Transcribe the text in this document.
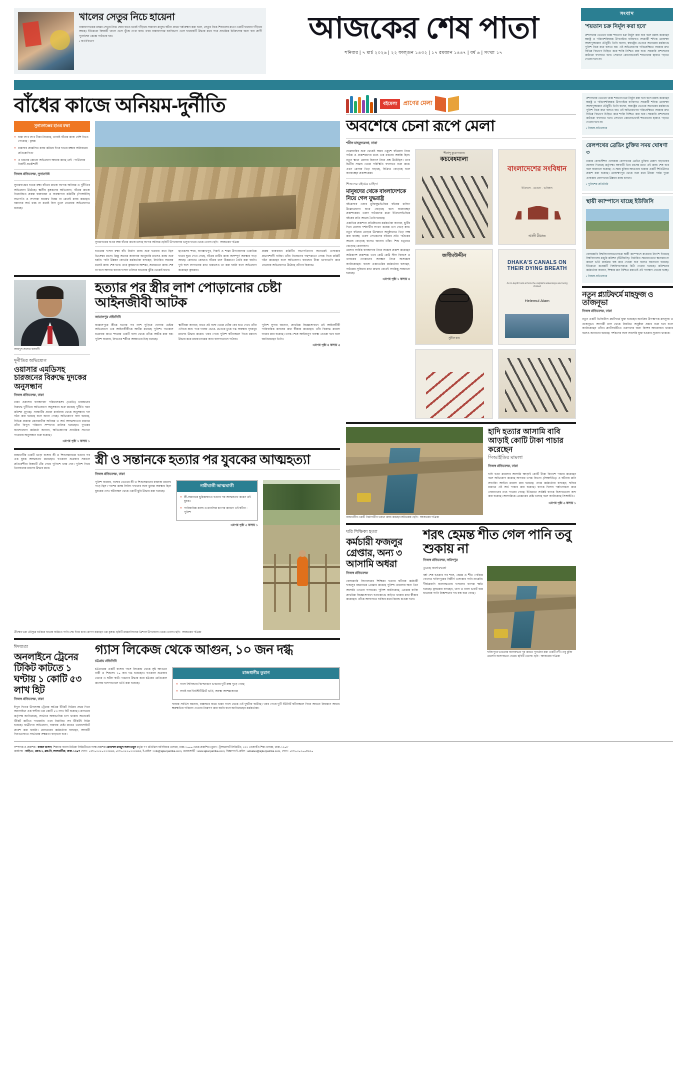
খালের সেতুর নিচে হায়েনা
নারায়ণগঞ্জের মহল্লা সেতুর নিচে ঘেরা হাতে ধরেই দাঁড়িয়ে সাধারণ মানুষ। ঘটনা প্রথম পর্যবেক্ষণ করা হলে, সেতুর নিচে শিয়ালের মতো একটি হায়েনা দাঁড়িয়ে আছে। ইতিমধ্যে বিষয়টি খালে এসে খুঁজে দেখা যায়। খবর নারায়ণগঞ্জ বনবিভাগ এসে হায়েনাটি উদ্ধার করে পরে প্রাথমিক চিকিৎসার জন্য বন্য প্রাণী পুনর্বাসন কেন্দ্রে পাঠানো হয়।
• বার্তাবিভাগ	আজকের শেষ পাতা
শনিবার | ৭ মার্চ ২০২৬ | ২২ ফাল্গুন ১৪৩২ | ১৭ রমজান ১৪৪৭ | বর্ষ ৬ | সংখ্যা ১৭
সংবাদ
'শয়তান চক্র নির্মূল করা হবে'
প্রশাসনের ভেতরে থাকা শয়তান চক্র নির্মূল করা হবে বলে মন্তব্য করেছেন স্বরাষ্ট্র ও পরিবেশবিষয়ক উপদেষ্টার ব্যক্তিগত সহকারী শফিক মোহাম্মদ আসাদুজ্জামান চৌধুরী। তিনি বলেন, স্বরাষ্ট্রের ভেতরে অনেকের কর্মকাণ্ডে পুলিশ নিয়ে কথা বলতে হয়। এই অভিযোগের পরিপ্রেক্ষিতে সরকার দ্রুত বিভিন্ন বিভাগে চিহ্নিত করে শাস্তি নিশ্চিত করা হবে। সরকারি প্রশাসনের কাঠামো বদলাতে হবে। সেখানে কোনোভাবেই শয়তানের ছায়াও পড়তে দেওয়া হবে না।
বাঁধের কাজে অনিয়ম-দুর্নীতি
সুনামগঞ্জের হাওর রক্ষা
» যারা লাখ লাখ টাকা নিয়েছে, তারাই বাঁধের কাজ বেশি নিতে পেরেছে : কৃষক
» মামলার প্রাক্কলিত কাজ কমিয়ে দিয়ে হাওর রক্ষায় অনিয়মের প্রতিযোগিতা
» এ ধরনের কোনো অভিযোগ আমার কাছে নেই : পাউবোর নির্বাহী প্রকৌশলী
নিজস্ব প্রতিবেদক, সুনামগঞ্জ
সুনামগঞ্জের হাওর রক্ষা বাঁধের কাজে ব্যাপক অনিয়ম ও দুর্নীতির অভিযোগ উঠেছে। স্থানীয় কৃষকদের অভিযোগ, বাঁধের কাজে নিয়োজিত প্রকল্প বাস্তবায়ন ও ব্যবস্থাপনা কমিটির (পিআইসি) সভাপতি ও সদস্যরা যথাযথ নিয়ম না মেনেই কাজ করছেন। বরাদ্দের অর্থ খরচ না করেই বিল তুলে নেওয়ার অভিযোগও রয়েছে।
সুনামগঞ্জের হাওর রক্ষা বাঁধের কাজে চলছে ব্যাপক অনিয়ম। ছবিটি উপজেলার ডলুরা হাওর থেকে তোলা। ছবি : আজকের পত্রিকা
হাওরের ফসল রক্ষা বাঁধ নির্মাণ কাজ শুরু হওয়ার কথা ছিল ডিসেম্বর মাসে। কিন্তু অনেক জায়গায় জানুয়ারি মাসেও কাজ শুরু হয়নি। পানি উন্নয়ন বোর্ডের কর্মকর্তারা বলছেন, নির্ধারিত সময়ের মধ্যেই কাজ শেষ হবে। তবে কৃষকদের আশঙ্কা, সময়মতো কাজ শেষ না হলে আগাম বন্যায় ফসল তলিয়ে যাওয়ার ঝুঁকি থেকেই যাবে।
ছাতকসহ শহর, জগন্নাথপুর, দিরাই ও শাল্লা উপজেলার একাধিক হাওর ঘুরে দেখা গেছে, বাঁধের মাটির কাজ অসম্পূর্ণ অবস্থায় পড়ে আছে। কোথাও কোথাও বাঁধের ঢাল ঠিকমতো তৈরি করা হয়নি। দুর্বা ঘাস লাগানোর কথা থাকলেও তা করা হয়নি বলে অভিযোগ করেছেন কৃষকরা।
প্রকল্প বাস্তবায়ন কমিটির সভাপতিদের অনেকেই এলাকার প্রভাবশালী ব্যক্তি। তাঁরা নিজেদের পছন্দমতো লোক দিয়ে কমিটি গঠন করেছেন বলে অভিযোগ। বরাদ্দের টাকা ভাগাভাগি করে নেওয়ার অভিযোগও উঠেছে তাঁদের বিরুদ্ধে।
আবদুস সালাম বাঙ্গালী
দুর্নীতির অভিযোগ
ওয়াসার এমডিসহ চারজনের বিরুদ্ধে দুদকের অনুসন্ধান
নিজস্ব প্রতিবেদক, ঢাকা
ঢাকা ওয়াসার ব্যবস্থাপনা পরিচালকসহ (এমডি) চারজনের বিরুদ্ধে দুর্নীতির অভিযোগে অনুসন্ধান শুরু করেছে দুর্নীতি দমন কমিশন (দুদক)। সংস্থাটির প্রধান কার্যালয় থেকে অনুসন্ধান দল গঠন করা হয়েছে বলে জানা গেছে। অভিযোগে বলা হয়েছে, বিভিন্ন প্রকল্পে কেনাকাটায় অনিয়ম ও অর্থ আত্মসাতের মাধ্যমে তাঁরা বিপুল পরিমাণ সম্পদের মালিক হয়েছেন। দুদকের জনসংযোগ কর্মকর্তা জানান, অভিযোগের প্রাথমিক সত্যতা পাওয়ায় অনুসন্ধান শুরু হয়েছে।
এরপর পৃষ্ঠা ২ কলাম ১
হত্যার পর স্ত্রীর লাশ পোড়ানোর চেষ্টা আইনজীবী আটক
জামালপুর প্রতিনিধি
জামালপুরে স্ত্রীকে হত্যার পর লাশ পুড়িয়ে ফেলার চেষ্টার অভিযোগে এক আইনজীবীকে আটক করেছে পুলিশ। গতকাল শুক্রবার রাতে শহরের একটি বাসা থেকে তাঁকে আটক করা হয়। পুলিশ জানায়, নিহতের শরীরে আঘাতের চিহ্ন রয়েছে।
স্থানীয়রা জানান, রাতে ওই বাসা থেকে ধোঁয়া বের হতে দেখে তাঁরা এগিয়ে যান। পরে দরজা ভেঙে ভেতরে ঢুকে দগ্ধ অবস্থায় গৃহবধূর মরদেহ উদ্ধার করেন। খবর পেয়ে পুলিশ ঘটনাস্থলে গিয়ে মরদেহ উদ্ধার করে ময়নাতদন্তের জন্য হাসপাতালে পাঠায়।
পুলিশ সুপার জানান, প্রাথমিক জিজ্ঞাসাবাদে ওই আইনজীবী পারিবারিক কলহের কথা স্বীকার করেছেন। তাঁর বিরুদ্ধে মামলা দায়ের করা হয়েছে। তদন্ত শেষে আইনানুগ ব্যবস্থা নেওয়া হবে বলে জানিয়েছেন তিনি।
এরপর পৃষ্ঠা ৪ কলাম ৩
রাজধানীর একটি ভাড়া বাসায় স্ত্রী ও শিশুসন্তানকে হত্যার পর এক যুবক আত্মহত্যা করেছেন। গতকাল শুক্রবার সকালে প্রতিবেশীরা বিষয়টি টের পেয়ে পুলিশে খবর দেন। পুলিশ গিয়ে তিনজনের মরদেহ উদ্ধার করে।
স্ত্রী ও সন্তানকে হত্যার পর যুবকের আত্মহত্যা
নিজস্ব প্রতিবেদক, ঢাকা
পুলিশ জানায়, বাসার ভেতরে স্ত্রী ও শিশুসন্তানের রক্তাক্ত মরদেহ পড়ে ছিল। পাশের কক্ষে সিলিং ফ্যানের সঙ্গে ঝুলন্ত অবস্থায় ছিল যুবকের দেহ। ঘটনাস্থল থেকে একটি ছুরি উদ্ধার করা হয়েছে।
নারীঘাতী আত্মঘাতী
» স্ত্রী-সন্তানকে ছুরিকাঘাতে হত্যার পর আত্মহত্যা করেন ওই যুবক।
» পারিবারিক কলহ ও মানসিক চাপের কারণে এই ঘটনা : পুলিশ
এরপর পৃষ্ঠা ৫ কলাম ১
গ্রীষ্মের ভরা মৌসুমে শুকিয়ে যাওয়া জমিতে পানি সেচ দিয়ে চারা রোপণ করছেন এক কৃষক। ছবিটি ময়মনসিংহের ত্রিশাল উপজেলা থেকে তোলা। ছবি : আজকের পত্রিকা
ঈদযাত্রা
অনলাইনে ট্রেনের টিকিট কাটতে ১ ঘণ্টায় ১ কোটি ৫৩ লাখ হিট
নিজস্ব প্রতিবেদক, ঢাকা
ঈদুল ফিতর উপলক্ষে ট্রেনের অগ্রিম টিকিট বিক্রির প্রথম দিনে অনলাইনে এক ঘণ্টায় এক কোটি ৫৩ লাখ হিট হয়েছে। রেলওয়ে কর্তৃপক্ষ জানিয়েছে, সার্ভারে অস্বাভাবিক চাপ থাকায় অনেকেই টিকিট কাটতে পারেননি। তবে নির্ধারিত সব টিকিটই বিক্রি হয়েছে। যাত্রীদের অভিযোগ, বারবার চেষ্টা করেও ওয়েবসাইটে প্রবেশ করা যায়নি। রেলওয়ের কর্মকর্তারা বলছেন, আগামী দিনগুলোতে সার্ভারের সক্ষমতা বাড়ানো হবে।
গ্যাস লিকেজ থেকে আগুন, ১০ জন দগ্ধ
চট্টগ্রাম প্রতিনিধি
চট্টগ্রামের একটি বাসায় গ্যাস লিকেজ থেকে সৃষ্ট আগুনে নারী ও শিশুসহ ১০ জন দগ্ধ হয়েছেন। গতকাল শুক্রবার ভোরে এ ঘটনা ঘটে। দগ্ধদের উদ্ধার করে চট্টগ্রাম মেডিকেল কলেজ হাসপাতালে ভর্তি করা হয়েছে।
রাজধানীর তুরাগ
» গ্যাস সিলিন্ডার বিস্ফোরণে ভবনের দুটি কক্ষ পুড়ে গেছে
» সবাই বার্ন ইনস্টিটিউটে ভর্তি, অবস্থা আশঙ্কাজনক
ফায়ার সার্ভিস জানায়, রান্নাঘরে জমে থাকা গ্যাস থেকে এই দুর্ঘটনা ঘটেছে। খবর পেয়ে দুটি ইউনিট ঘটনাস্থলে গিয়ে আগুন নিয়ন্ত্রণে আনে। ক্ষয়ক্ষতির পরিমাণ এখনো নিরূপণ করা হয়নি বলে জানিয়েছেন কর্মকর্তারা।
বইমেলা	প্রাণের মেলা
অবশেষে চেনা রূপে মেলা
শরীফ মাহমুদরেজা, ঢাকা
ফেব্রুয়ারির শুরু থেকেই অমর একুশে বইমেলা নিয়ে পাঠক ও প্রকাশকদের মধ্যে এক ধরনের অস্বস্তি ছিল। নতুন স্থানে মেলার বিন্যাস নিয়ে প্রশ্ন উঠেছিল। তবে দ্বিতীয় সপ্তাহ থেকে পরিস্থিতি বদলাতে শুরু করে। এখন মেলায় ভিড় বাড়ছে, বিক্রিও বেড়েছে বলে জানাচ্ছেন প্রকাশকেরা।
শিশুদের বইয়ের চাহিদা
মানুষদের থেকে বাংলাদেশকে নিয়ে গেল যুদ্ধরাষ্ট্র
বইমেলায় এবার মুক্তিযুদ্ধভিত্তিক বইয়ের চাহিদা উল্লেখযোগ্য হারে বেড়েছে বলে জানাচ্ছেন প্রকাশকেরা। তরুণ পাঠকদের মধ্যে ইতিহাসভিত্তিক বইয়ের প্রতি আগ্রহ তৈরি হয়েছে।
একাধিক প্রকাশনা প্রতিষ্ঠানের কর্মকর্তারা জানান, ছুটির দিনে মেলায় দর্শনার্থীর সংখ্যা কয়েক গুণ বেড়ে যায়। নতুন বইয়ের মোড়ক উন্মোচন অনুষ্ঠানেও ভিড় লক্ষ করা যাচ্ছে। তরুণ লেখকদের বইয়ের প্রতি পাঠকের আগ্রহ বেড়েছে বলেও জানান তাঁরা। শিশু চত্বরেও বেড়েছে কোলাহল।
মেলার সার্বিক ব্যবস্থাপনা নিয়ে সন্তোষ প্রকাশ করেছেন অধিকাংশ প্রকাশক। তবে কেউ কেউ স্টল বিন্যাস ও খাবারের দোকানের অবস্থান নিয়ে অসন্তোষ জানিয়েছেন। বাংলা একাডেমির কর্মকর্তারা বলছেন, পাঠকের সুবিধার কথা মাথায় রেখেই সবকিছু সাজানো হয়েছে।
এরপর পৃষ্ঠা ২ কলাম ৪
কচবেধমালা
শীর্ষেন্দু মুখোপাধ্যায়
জসীমউদ্দীন
সুনীল রায়
বাংলাদেশের সংবিধান
ইতিহাস · চেতনা · ভবিষ্যৎ
আলী রীয়াজ
DHAKA'S CANALS ON THEIR DYING BREATH
An in-depth look at how the capital's waterways are being choked
Helemul Alam
রাজধানীর একটি নির্মাণাধীন ভবনে কাজ করছেন শ্রমিকেরা। ছবি : আজকের পত্রিকা
হাদি হত্যার আসামি বাবি আড়াই কোটি টাকা পাচার করেছেন
সিআইডির মামলা
নিজস্ব প্রতিবেদক, ঢাকা
হাদি হত্যা মামলার আসামি আড়াই কোটি টাকা বিদেশে পাচার করেছেন বলে অভিযোগ করেছে অপরাধ তদন্ত বিভাগ (সিআইডি)। এ ঘটনায় মানি লন্ডারিং আইনে মামলা করা হয়েছে। তদন্ত কর্মকর্তারা বলছেন, হুন্ডির মাধ্যমে এই অর্থ পাচার করা হয়েছে। ব্যাংক হিসাব পর্যালোচনা করে লেনদেনের তথ্য পাওয়া গেছে। ইতিমধ্যে সংশ্লিষ্ট ব্যাংক হিসাবগুলো জব্দ করা হয়েছে। আসামিকে গ্রেপ্তারের চেষ্টা চলছে বলে জানিয়েছে সিআইডি।
এরপর পৃষ্ঠা ৩ কলাম ১
ঘরি শিক্ষিকা হত্যা
কর্মচারী ফজলুর গ্রেপ্তার, অন্য ৩ আসামি অধরা
নিজস্ব প্রতিবেদক
বেসরকারি বিদ্যালয়ের শিক্ষিকা হত্যার ঘটনায় কর্মচারী ফজলুর রহমানকে গ্রেপ্তার করেছে পুলিশ। মামলার অন্য তিন আসামি এখনো পলাতক। পুলিশ জানিয়েছে, গ্রেপ্তার ব্যক্তি প্রাথমিক জিজ্ঞাসাবাদে হত্যাকাণ্ডে জড়িত থাকার কথা স্বীকার করেছেন। তাঁকে আদালতে হাজির করে রিমান্ড চাওয়া হবে।
শরৎ হেমন্ত শীত গেল পানি তবু শুকায় না
নিজস্ব প্রতিবেদক, ফরিদপুর
ডুবছে জলাবদ্ধতা
বর্ষা শেষ হওয়ার পর শরৎ, হেমন্ত ও শীত পেরিয়ে গেলেও ফরিদপুরের বিস্তীর্ণ এলাকার পানি নামেনি। দীর্ঘমেয়াদি জলাবদ্ধতায় ফসলের ব্যাপক ক্ষতি হয়েছে। কৃষকেরা বলছেন, খাল ও নালা ভরাট হয়ে যাওয়ায় পানি নিষ্কাশনের পথ বন্ধ হয়ে গেছে।
ফরিদপুরে ভাঙনের জলাবদ্ধতা দূর করতে পুনর্খনন করা একটি নদী। তবু মুক্তি মেলেনি জলাবদ্ধতা থেকে। ছবিটি ভোলা। ছবি : আজকের পত্রিকা
প্রশাসনের ভেতরে থাকা শয়তান চক্র নির্মূল করা হবে বলে মন্তব্য করেছেন স্বরাষ্ট্র ও পরিবেশবিষয়ক উপদেষ্টার ব্যক্তিগত সহকারী শফিক মোহাম্মদ আসাদুজ্জামান চৌধুরী। তিনি বলেন, স্বরাষ্ট্রের ভেতরে অনেকের কর্মকাণ্ডে পুলিশ নিয়ে কথা বলতে হয়। এই অভিযোগের পরিপ্রেক্ষিতে সরকার দ্রুত বিভিন্ন বিভাগে চিহ্নিত করে শাস্তি নিশ্চিত করা হবে। সরকারি প্রশাসনের কাঠামো বদলাতে হবে। সেখানে কোনোভাবেই শয়তানের ছায়াও পড়তে দেওয়া হবে না।
• নিজস্ব প্রতিবেদক
রেলপথের ব্রেডিং চুক্তির সময় ঘোষণা ৩
ঢাকার রেলস্টেশন এলাকায় রেলপথের ব্রেডিং চুক্তির মেয়াদ বাড়ানোর ঘোষণা দিয়েছে কর্তৃপক্ষ। আগামী তিন মাসের মধ্যে এই কাজ শেষ হবে বলে জানানো হয়েছে। এ সময় চুক্তির আওতায় থাকার একটি শিডিউলও প্রকাশ করা হয়েছে। মোহাম্মদপুর থেকে শুরু করে উত্তরা পর্যন্ত পুরো এলাকায় রেলপথের উন্নয়ন কাজ চলবে।
• পুলিশের প্রতিনিধি
স্থায়ী ক্যাম্পাসে যাচ্ছে ইউজিসি
বেসরকারি বিশ্ববিদ্যালয়গুলোকে স্থায়ী ক্যাম্পাসে যাওয়ার নির্দেশ দিয়েছে বিশ্ববিদ্যালয় মঞ্জুরি কমিশন (ইউজিসি)। নির্ধারিত সময়ের মধ্যে স্থানান্তর না করলে ভর্তি কার্যক্রম বন্ধ করে দেওয়া হবে বলেও জানানো হয়েছে। ইতিমধ্যে কয়েকটি বিশ্ববিদ্যালয়কে চিঠি দেওয়া হয়েছে। কমিশনের কর্মকর্তারা জানান, শিক্ষার মান নিশ্চিত করতেই এই পদক্ষেপ নেওয়া হচ্ছে।
• নিজস্ব প্রতিবেদক
নতুন প্ল্যাটফর্মে মাহফুজ ও তাজনূভা
নিজস্ব প্রতিবেদক, ঢাকা
নতুন একটি ডিজিটাল প্ল্যাটফর্মে যুক্ত হয়েছেন জনপ্রিয় উপস্থাপক মাহফুজ ও তাজনূভা। আগামী মাস থেকে নিয়মিত অনুষ্ঠান প্রচার শুরু হবে বলে জানিয়েছেন তাঁরা। প্ল্যাটফর্মটিতে তরুণদের জন্য বিশেষ আয়োজন থাকবে বলেও জানানো হয়েছে। দর্শকদের সঙ্গে সরাসরি যুক্ত হওয়ার সুযোগ থাকবে।
সম্পাদক ও প্রকাশক : কাকন হাসান, শিকদার বাংলা মিডিয়া লিমিটেডের পক্ষে প্রকাশক মোহাম্মদ মাহমুদ আল মামুন কর্তৃক ৭৭ মতিঝিল বাণিজ্যিক এলাকা, ঢাকা-১০০০ থেকে প্রকাশিত। মুদ্রণ : ট্রান্সক্রাফট লিমিটেড, ২২১ তেজগাঁও শিল্প এলাকা, ঢাকা-১২০৮
কার্যালয় : বাড়ি-৮, রোড-২, ব্লক-বি, লালমাটিয়া, ঢাকা-১২০৭ ফোন : +৮৮০২৫৫০২২২৬৬৬, +৮৮০২৫৫০২২২৬৬৬, ই-মেইল : info@ajkerpatrika.com, ওয়েবসাইট : www.ajkerpatrika.com, বিজ্ঞাপন ই-মেইল : adsales@ajkerpatrika.com, ফোন : +৮৮০২০১০০৪৬২০
